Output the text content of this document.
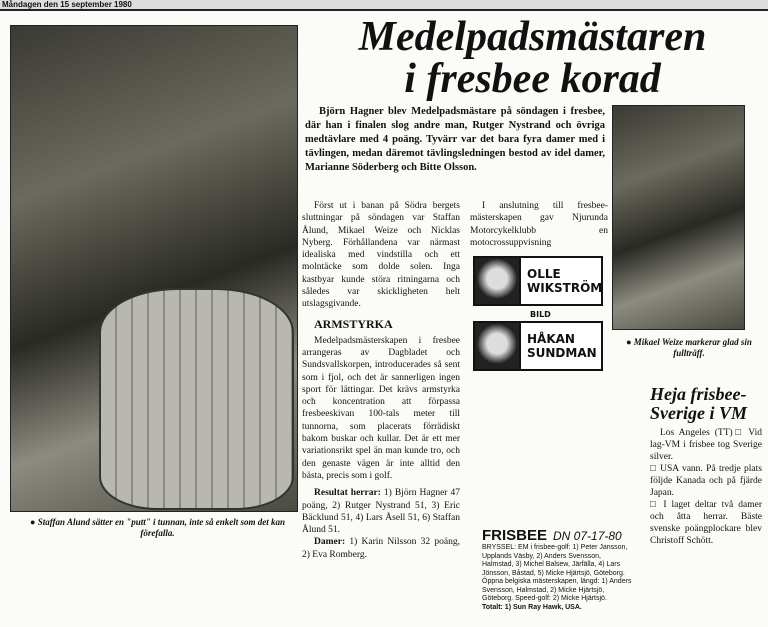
Måndagen den 15 september 1980
● Staffan Alund sätter en "putt" i tunnan, inte så enkelt som det kan förefalla.
Medelpadsmästaren
i fresbee korad
Björn Hagner blev Medelpadsmästare på söndagen i fresbee, där han i finalen slog andre man, Rutger Nystrand och övriga medtävlare med 4 poäng. Tyvärr var det bara fyra damer med i tävlingen, medan däremot tävlingsledningen bestod av idel damer, Marianne Söderberg och Bitte Olsson.

Först ut i banan på Södra bergets sluttningar på söndagen var Staffan Ålund, Mikael Weize och Nicklas Nyberg. Förhållandena var närmast idealiska med vindstilla och ett molntäcke som dolde solen. Inga kastbyar kunde störa ritningarna och således var skickligheten helt utslagsgivande.

ARMSTYRKA

Medelpadsmästerskapen i fresbee arrangeras av Dagbladet och Sundsvallskorpen, introducerades så sent som i fjol, och det är sannerligen ingen sport för lättingar. Det krävs armstyrka och koncentration att förpassa fresbeeskivan 100-tals meter till tunnorna, som placerats förrädiskt bakom buskar och kullar. Det är ett mer variationsrikt spel än man kunde tro, och den genaste vägen är inte alltid den bästa, precis som i golf.

Resultat herrar: 1) Björn Hagner 47 poäng, 2) Rutger Nystrand 51, 3) Eric Bäcklund 51, 4) Lars Åsell 51, 6) Staffan Ålund 51.

Damer: 1) Karin Nilsson 32 poäng, 2) Eva Romberg.

I anslutning till fresbee-mästerskapen gav Njurunda Motorcykelklubb en motocrossuppvisning

OLLE WIKSTRÖM
BILD
HÅKAN SUNDMAN
● Mikael Weize markerar glad sin fullträff.
Heja frisbee-Sverige i VM

Los Angeles (TT)□ Vid lag-VM i frisbee tog Sverige silver.

□ USA vann. På tredje plats följde Kanada och på fjärde Japan.

□ I laget deltar två damer och åtta herrar. Bäste svenske poängplockare blev Christoff Schött.

FRISBEE DN 07-17-80

BRYSSEL: EM i frisbee-golf: 1) Peter Jansson, Upplands Väsby, 2) Anders Svensson, Halmstad, 3) Michel Balsew, Järfälla, 4) Lars Jönsson, Båstad, 5) Micke Hjärtsjö, Göteborg.

Öppna belgiska mästerskapen, längd: 1) Anders Svensson, Halmstad, 2) Micke Hjärtsjö, Göteborg. Speed-golf: 2) Micke Hjärtsjö.

Totalt: 1) Sun Ray Hawk, USA.
